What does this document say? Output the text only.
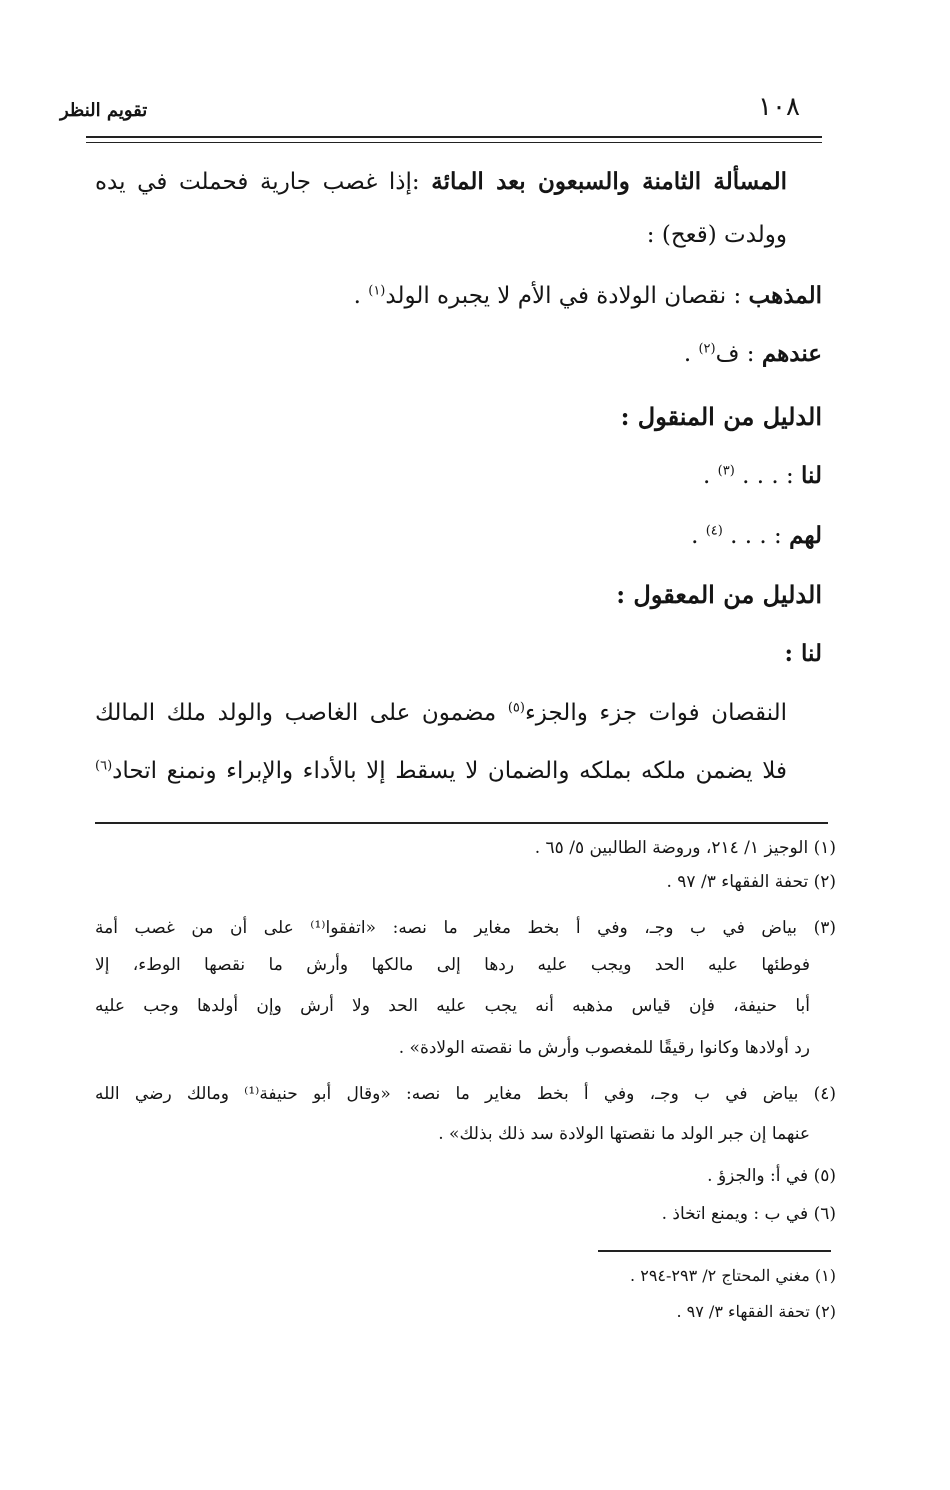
١٠٨
تقويم النظر
المسألة الثامنة والسبعون بعد المائة :إذا غصب جارية فحملت في يده
وولدت (قعح) :
المذهب : نقصان الولادة في الأم لا يجبره الولد$^{(١)}$ .
عندهم : ف$^{(٢)}$ .
الدليل من المنقول :
لنا : . . . $^{(٣)}$ .
لهم : . . . $^{(٤)}$ .
الدليل من المعقول :
لنا :
النقصان فوات جزء والجزء$^{(٥)}$ مضمون على الغاصب والولد ملك المالك
فلا يضمن ملكه بملكه والضمان لا يسقط إلا بالأداء والإبراء ونمنع اتحاد$^{(٦)}$
(١) الوجيز ١/ ٢١٤، وروضة الطالبين ٥/ ٦٥ .
(٢) تحفة الفقهاء ٣/ ٩٧ .
(٣) بياض في ب وجـ، وفي أ بخط مغاير ما نصه: «اتفقوا⁽¹⁾ على أن من غصب أمة
فوطئها عليه الحد ويجب عليه ردها إلى مالكها وأرش ما نقصها الوطء، إلا
أبا حنيفة، فإن قياس مذهبه أنه يجب عليه الحد ولا أرش وإن أولدها وجب عليه
رد أولادها وكانوا رقيقًا للمغصوب وأرش ما نقصته الولادة» .
(٤) بياض في ب وجـ، وفي أ بخط مغاير ما نصه: «وقال أبو حنيفة⁽¹⁾ ومالك رضي الله
عنهما إن جبر الولد ما نقصتها الولادة سد ذلك بذلك» .
(٥) في أ: والجزؤ .
(٦) في ب : ويمنع اتخاذ .
(١) مغني المحتاج ٢/ ٢٩٣-٢٩٤ .
(٢) تحفة الفقهاء ٣/ ٩٧ .
